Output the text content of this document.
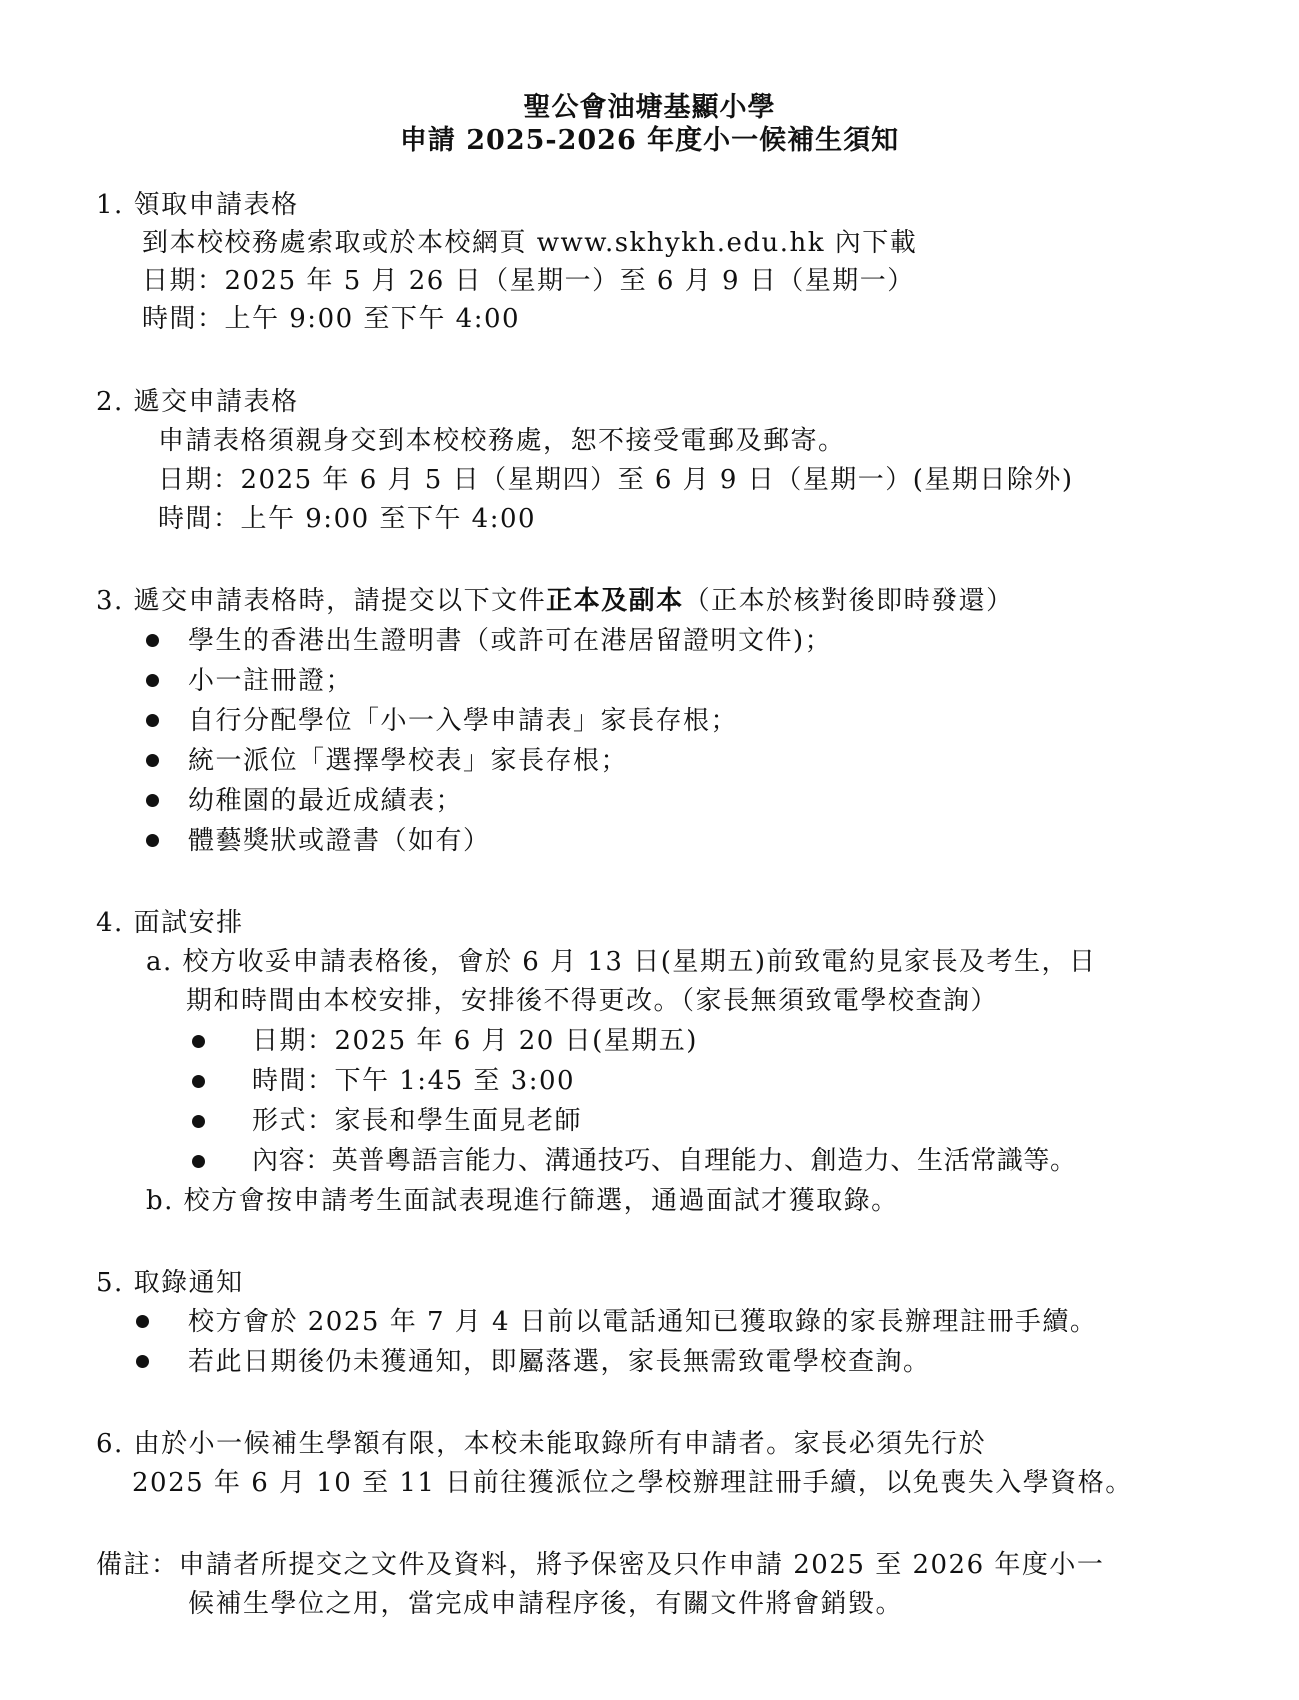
聖公會油塘基顯小學
申請 2025-2026 年度小一候補生須知
1. 領取申請表格
到本校校務處索取或於本校網頁 www.skhykh.edu.hk 內下載
日期：2025 年 5 月 26 日（星期一）至 6 月 9 日（星期一）
時間：上午 9:00 至下午 4:00
2. 遞交申請表格
申請表格須親身交到本校校務處，恕不接受電郵及郵寄。
日期：2025 年 6 月 5 日（星期四）至 6 月 9 日（星期一）(星期日除外)
時間：上午 9:00 至下午 4:00
3. 遞交申請表格時，請提交以下文件正本及副本（正本於核對後即時發還）
學生的香港出生證明書（或許可在港居留證明文件)；
小一註冊證；
自行分配學位「小一入學申請表」家長存根；
統一派位「選擇學校表」家長存根；
幼稚園的最近成績表；
體藝獎狀或證書（如有）
4. 面試安排
a. 校方收妥申請表格後，會於 6 月 13 日(星期五)前致電約見家長及考生，日
期和時間由本校安排，安排後不得更改。（家長無須致電學校查詢）
日期：2025 年 6 月 20 日(星期五)
時間：下午 1:45 至 3:00
形式：家長和學生面見老師
內容：英普粵語言能力、溝通技巧、自理能力、創造力、生活常識等。
b. 校方會按申請考生面試表現進行篩選，通過面試才獲取錄。
5. 取錄通知
校方會於 2025 年 7 月 4 日前以電話通知已獲取錄的家長辦理註冊手續。
若此日期後仍未獲通知，即屬落選，家長無需致電學校查詢。
6. 由於小一候補生學額有限，本校未能取錄所有申請者。家長必須先行於
2025 年 6 月 10 至 11 日前往獲派位之學校辦理註冊手續，以免喪失入學資格。
備註：申請者所提交之文件及資料，將予保密及只作申請 2025 至 2026 年度小一
候補生學位之用，當完成申請程序後，有關文件將會銷毀。
